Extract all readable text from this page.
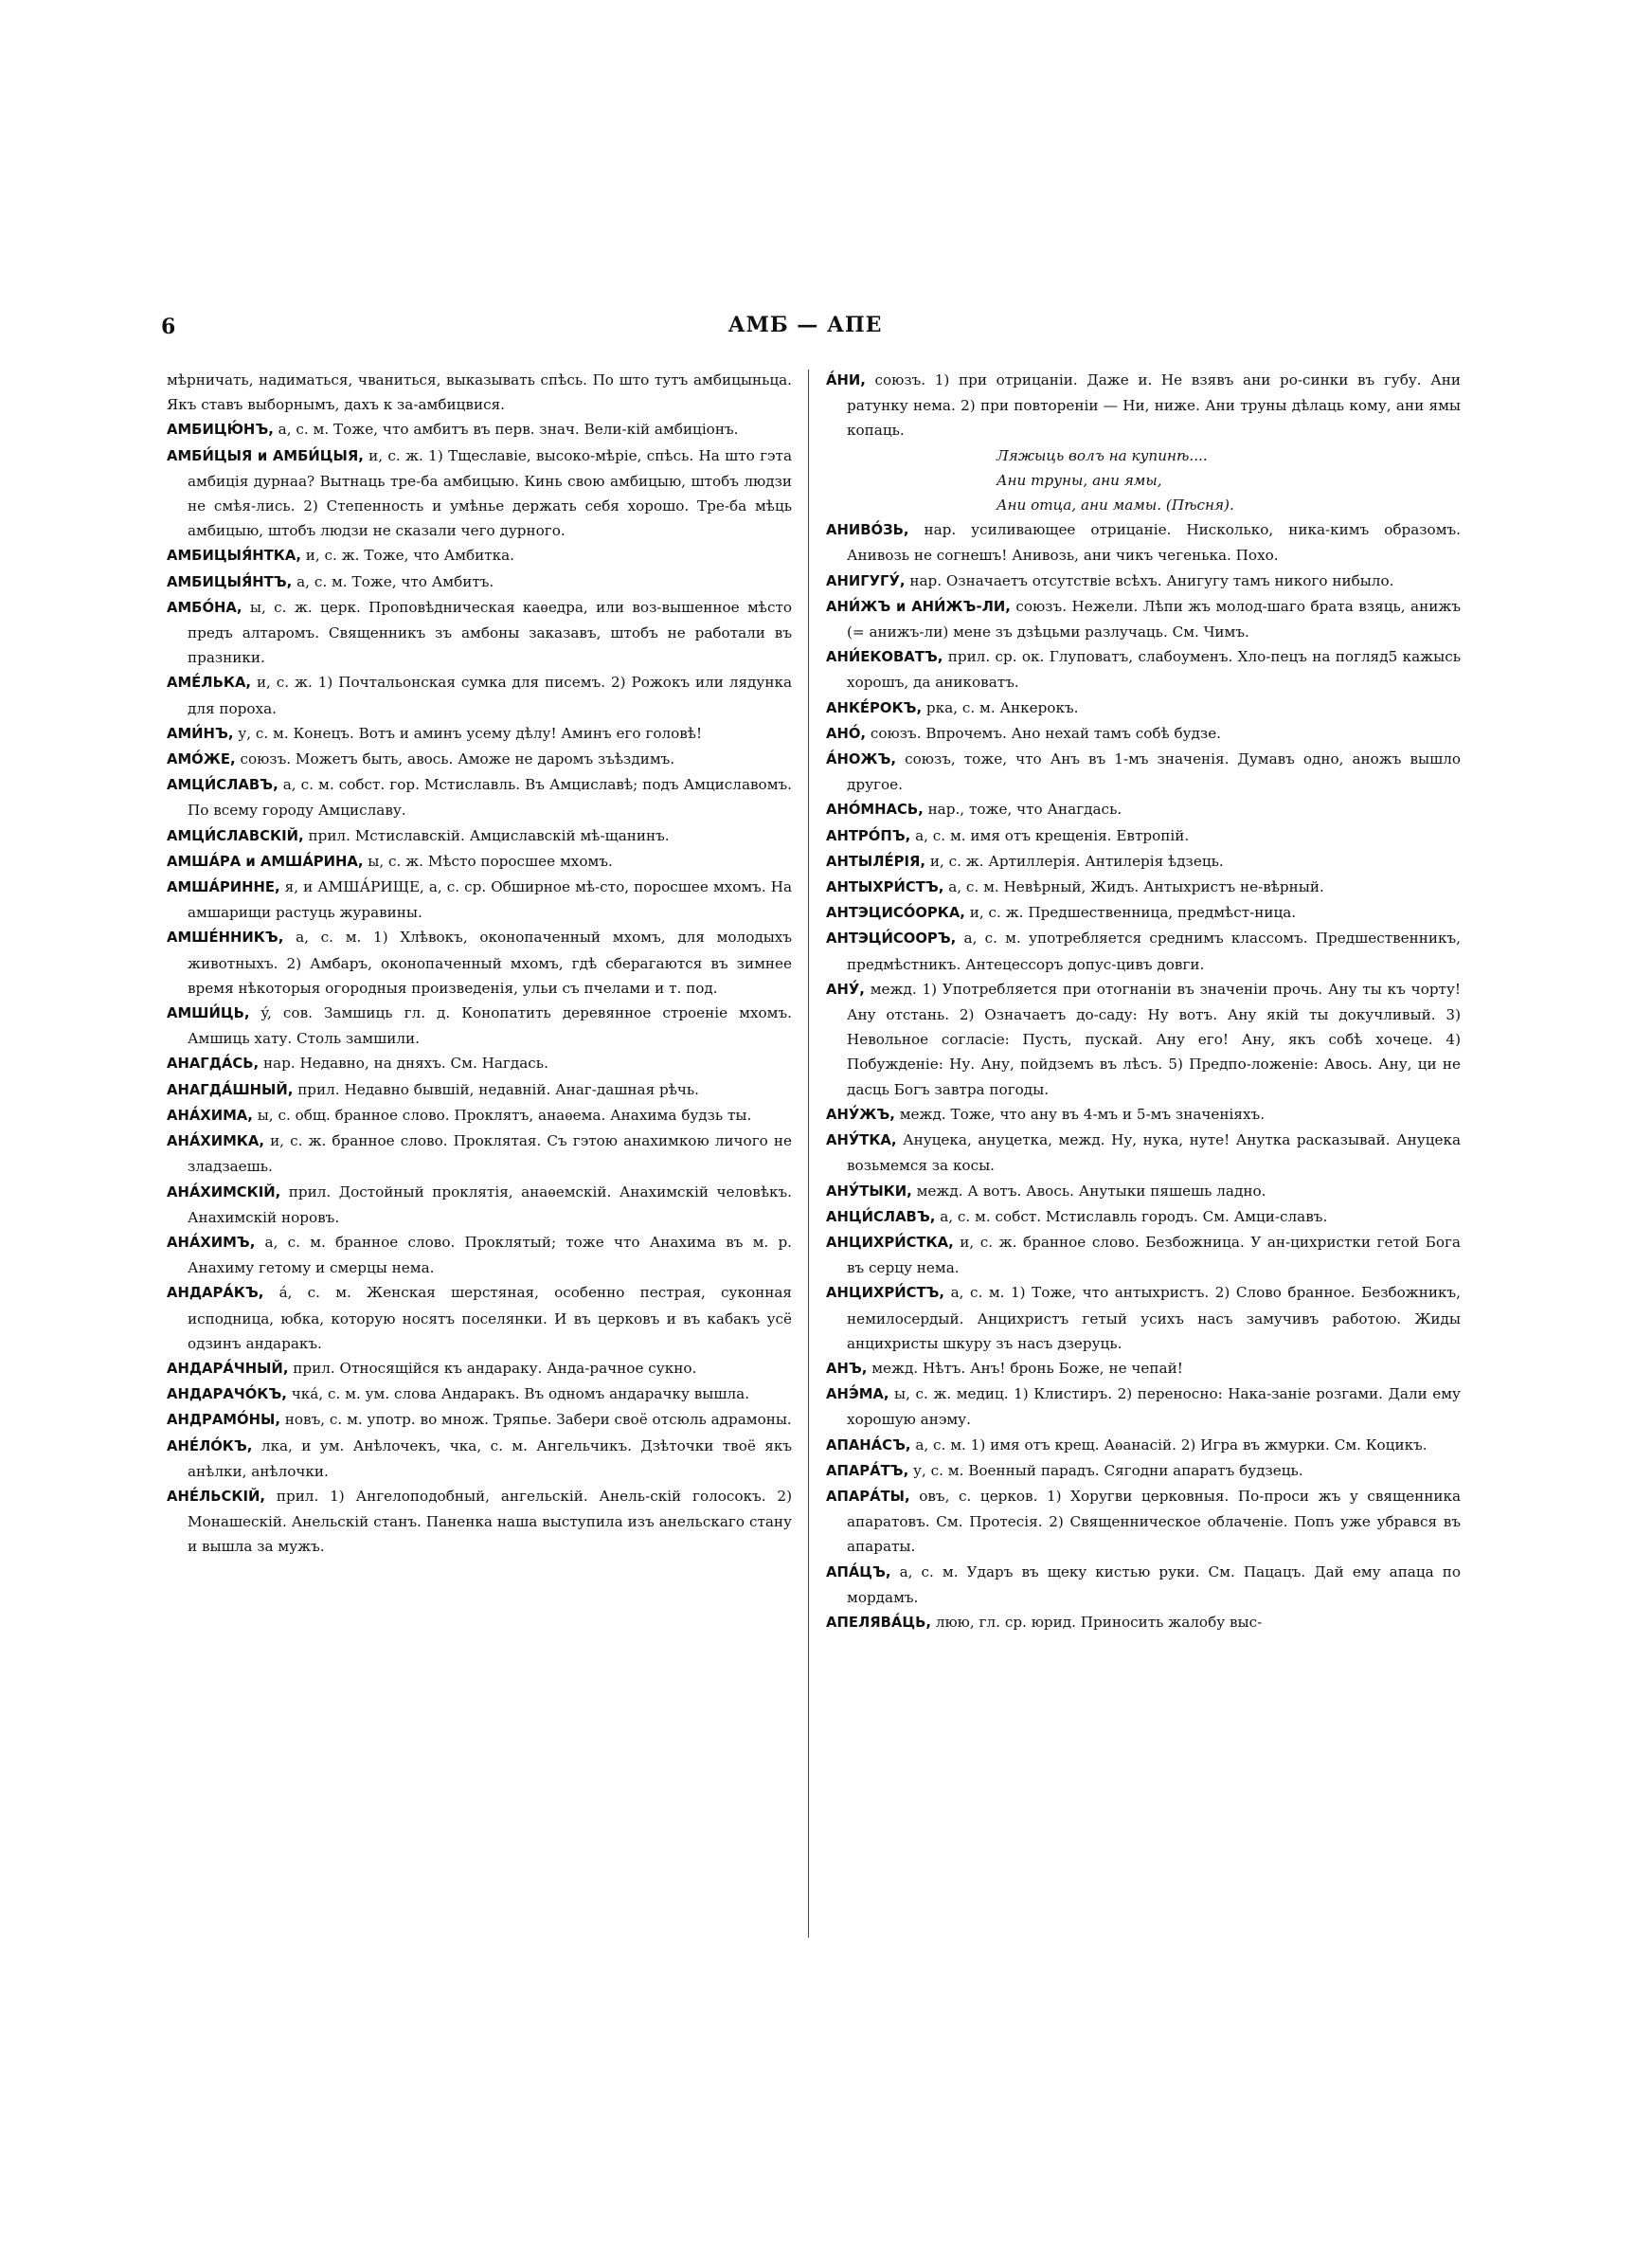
6	АМБ — АПЕ

мѣрничать, надиматься, чваниться, выказывать спѣсь. По што тутъ амбицыньца. Якъ ставъ выборнымъ, дахъ к за-амбицвися.

АМБИЦЮ́НЪ, а, с. м. Тоже, что амбитъ въ перв. знач. Вели-кій амбиціонъ.

АМБИ́ЦЫЯ и АМБИ́ЦЫЯ, и, с. ж. 1) Тщеславіе, высоко-мѣріе, спѣсь. На што гэта амбиція дурнаа? Вытнаць тре-ба амбицыю. Кинь свою амбицыю, штобъ людзи не смѣя-лись. 2) Степенность и умѣнье держать себя хорошо. Тре-ба мѣць амбицыю, штобъ людзи не сказали чего дурного.

АМБИЦЫЯ́НТКА, и, с. ж. Тоже, что Амбитка.

АМБИЦЫЯ́НТЪ, а, с. м. Тоже, что Амбитъ.

АМБО́НА, ы, с. ж. церк. Проповѣдническая каѳедра, или воз-вышенное мѣсто предъ алтаромъ. Священникъ зъ амбоны заказавъ, штобъ не работали въ празники.

АМЕ́ЛЬКА, и, с. ж. 1) Почтальонская сумка для писемъ. 2) Рожокъ или лядунка для пороха.

АМИ́НЪ, у, с. м. Конецъ. Вотъ и аминъ усему дѣлу! Аминъ его головѣ!

АМО́ЖЕ, союзъ. Можетъ быть, авось. Аможе не даромъ зъѣздимъ.

АМЦИ́СЛАВЪ, а, с. м. собст. гор. Мстиславль. Въ Амциславѣ; подъ Амциславомъ. По всему городу Амциславу.

АМЦИ́СЛАВСКІЙ, прил. Мстиславскій. Амциславскій мѣ-щанинъ.

АМША́РА и АМША́РИНА, ы, с. ж. Мѣсто поросшее мхомъ.

АМША́РИННЕ, я, и АМША́РИЩЕ, а, с. ср. Обширное мѣ-сто, поросшее мхомъ. На амшарищи растуць журавины.

АМШЕ́ННИКЪ, а, с. м. 1) Хлѣвокъ, оконопаченный мхомъ, для молодыхъ животныхъ. 2) Амбаръ, оконопаченный мхомъ, гдѣ сберагаются въ зимнее время нѣкоторыя огородныя произведенія, ульи съ пчелами и т. под.

АМШИ́ЦЬ, ý, сов. Замшиць гл. д. Конопатить деревянное строеніе мхомъ. Амшиць хату. Столь замшили.

АНАГДА́СЬ, нар. Недавно, на дняхъ. См. Нагдась.

АНАГДА́ШНЫЙ, прил. Недавно бывшій, недавній. Анаг-дашная рѣчь.

АНА́ХИМА, ы, с. общ. бранное слово. Проклятъ, анаѳема. Анахима будзь ты.

АНА́ХИМКА, и, с. ж. бранное слово. Проклятая. Съ гэтою анахимкою личого не зладзаешь.

АНА́ХИМСКІЙ, прил. Достойный проклятія, анаѳемскій. Анахимскій человѣкъ. Анахимскій норовъ.

АНА́ХИМЪ, а, с. м. бранное слово. Проклятый; тоже что Анахима въ м. р. Анахиму гетому и смерцы нема.

АНДАРА́КЪ, á, с. м. Женская шерстяная, особенно пестрая, суконная исподница, юбка, которую носятъ поселянки. И въ церковъ и въ кабакъ усё одзинъ андаракъ.

АНДАРА́ЧНЫЙ, прил. Относящійся къ андараку. Анда-рачное сукно.

АНДАРАЧО́КЪ, чкá, с. м. ум. слова Андаракъ. Въ одномъ андарачку вышла.

АНДРАМО́НЫ, новъ, с. м. употр. во множ. Тряпье. Забери своё отсюль адрамоны.

АНЕ́ЛО́КЪ, лка, и ум. Анѣлочекъ, чка, с. м. Ангельчикъ. Дзѣточки твоё якъ анѣлки, анѣлочки.

АНЕ́ЛЬСКІЙ, прил. 1) Ангелоподобный, ангельскій. Анель-скій голосокъ. 2) Монашескій. Анельскій станъ. Паненка наша выступила изъ анельскаго стану и вышла за мужъ.

А́НИ, союзъ. 1) при отрицаніи. Даже и. Не взявъ ани ро-синки въ губу. Ани ратунку нема. 2) при повтореніи — Ни, ниже. Ани труны дѣлаць кому, ани ямы копаць.

Ляжыць волъ на купинѣ....

Ани труны, ани ямы,

Ани отца, ани мамы. (Пѣсня).

АНИВО́ЗЬ, нар. усиливающее отрицаніе. Нисколько, ника-кимъ образомъ. Анивозь не согнешъ! Анивозь, ани чикъ чегенька. Похо.

АНИГУГУ́, нар. Означаетъ отсутствіе всѣхъ. Анигугу тамъ никого нибыло.

АНИ́ЖЪ и АНИ́ЖЪ-ЛИ, союзъ. Нежели. Лѣпи жъ молод-шаго брата взяць, анижъ (= анижъ-ли) мене зъ дзѣцьми разлучаць. См. Чимъ.

АНИ́ЕКОВАТЪ, прил. ср. ок. Глуповатъ, слабоуменъ. Хло-пецъ на погляд5 кажысь хорошъ, да аниковатъ.

АНКЕ́РОКЪ, рка, с. м. Анкерокъ.

АНО́, союзъ. Впрочемъ. Ано нехай тамъ собѣ будзе.

А́НОЖЪ, союзъ, тоже, что Анъ въ 1-мъ значенія. Думавъ одно, аножъ вышло другое.

АНО́МНАСЬ, нар., тоже, что Анагдась.

АНТРО́ПЪ, а, с. м. имя отъ крещенія. Евтропій.

АНТЫЛЕ́РІЯ, и, с. ж. Артиллерія. Антилерія ѣдзець.

АНТЫХРИ́СТЪ, а, с. м. Невѣрный, Жидъ. Антыхристъ не-вѣрный.

АНТЭЦИСО́ОРКА, и, с. ж. Предшественница, предмѣст-ница.

АНТЭЦИ́СООРЪ, а, с. м. употребляется среднимъ классомъ. Предшественникъ, предмѣстникъ. Антецессоръ допус-цивъ довги.

АНУ́, межд. 1) Употребляется при отогнаніи въ значеніи прочь. Ану ты къ чорту! Ану отстань. 2) Означаетъ до-саду: Ну вотъ. Ану якій ты докучливый. 3) Невольное согласіе: Пусть, пускай. Ану его! Ану, якъ собѣ хочеце. 4) Побужденіе: Ну. Ану, пойдземъ въ лѣсъ. 5) Предпо-ложеніе: Авось. Ану, ци не дасць Богъ завтра погоды.

АНУ́ЖЪ, межд. Тоже, что ану въ 4-мъ и 5-мъ значеніяхъ.

АНУ́ТКА, Ануцека, ануцетка, межд. Ну, нука, нуте! Анутка расказывай. Ануцека возьмемся за косы.

АНУ́ТЫКИ, межд. А вотъ. Авось. Анутыки пяшешь ладно.

АНЦИ́СЛАВЪ, а, с. м. собст. Мстиславль городъ. См. Амци-славъ.

АНЦИХРИ́СТКА, и, с. ж. бранное слово. Безбожница. У ан-цихристки гетой Бога въ серцу нема.

АНЦИХРИ́СТЪ, а, с. м. 1) Тоже, что антыхристъ. 2) Слово бранное. Безбожникъ, немилосердый. Анцихристъ гетый усихъ насъ замучивъ работою. Жиды анцихристы шкуру зъ насъ дзеруць.

АНЪ, межд. Нѣтъ. Анъ! бронь Боже, не чепай!

АНЭ́МА, ы, с. ж. медиц. 1) Клистиръ. 2) переносно: Нака-заніе розгами. Дали ему хорошую анэму.

АПАНА́СЪ, а, с. м. 1) имя отъ крещ. Аѳанасій. 2) Игра въ жмурки. См. Коцикъ.

АПАРА́ТЪ, у, с. м. Военный парадъ. Сягодни апаратъ будзець.

АПАРА́ТЫ, овъ, с. церков. 1) Хоругви церковныя. По-проси жъ у священника апаратовъ. См. Протесія. 2) Священническое облаченіе. Попъ уже убрався въ апараты.

АПА́ЦЪ, а, с. м. Ударъ въ щеку кистью руки. См. Пацацъ. Дай ему апаца по мордамъ.

АПЕЛЯВА́ЦЬ, люю, гл. ср. юрид. Приносить жалобу выс-
